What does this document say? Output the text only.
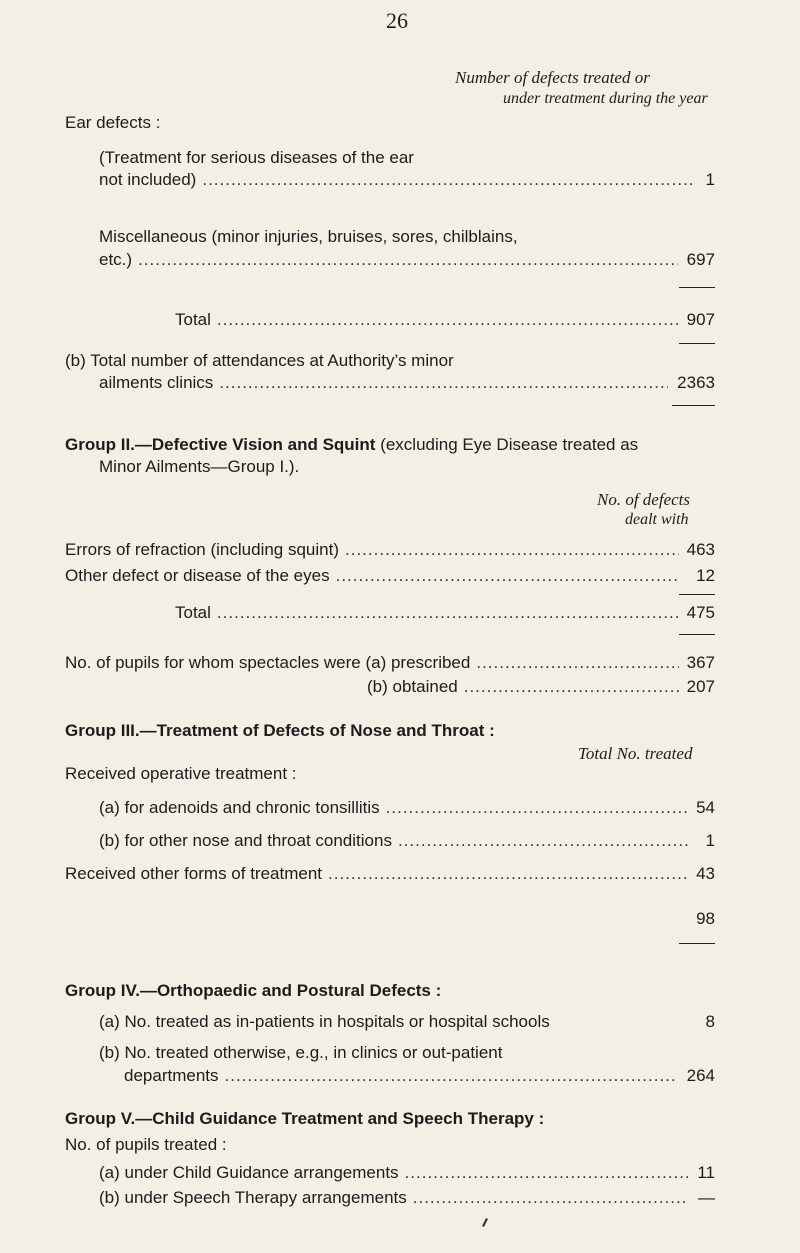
26
Number of defects treated or
under treatment during the year
Ear defects :
(Treatment for serious diseases of the ear
not included) .....	1
Miscellaneous (minor injuries, bruises, sores, chilblains,
etc.) .....	697
Total .....	907
(b) Total number of attendances at Authority’s minor
ailments clinics .....	2363
Group II.—Defective Vision and Squint (excluding Eye Disease treated as
Minor Ailments—Group I.).
No. of defects
dealt with
Errors of refraction (including squint) .....	463
Other defect or disease of the eyes .....	12
Total .....	475
No. of pupils for whom spectacles were (a) prescribed .....	367
(b) obtained .....	207
Group III.—Treatment of Defects of Nose and Throat :
Total No. treated
Received operative treatment :
(a) for adenoids and chronic tonsillitis .....	54
(b) for other nose and throat conditions .....	1
Received other forms of treatment .....	43
98
Group IV.—Orthopaedic and Postural Defects :
(a) No. treated as in-patients in hospitals or hospital schools	8
(b) No. treated otherwise, e.g., in clinics or out-patient
departments .....	264
Group V.—Child Guidance Treatment and Speech Therapy :
No. of pupils treated :
(a) under Child Guidance arrangements .....	11
(b) under Speech Therapy arrangements .....	—
